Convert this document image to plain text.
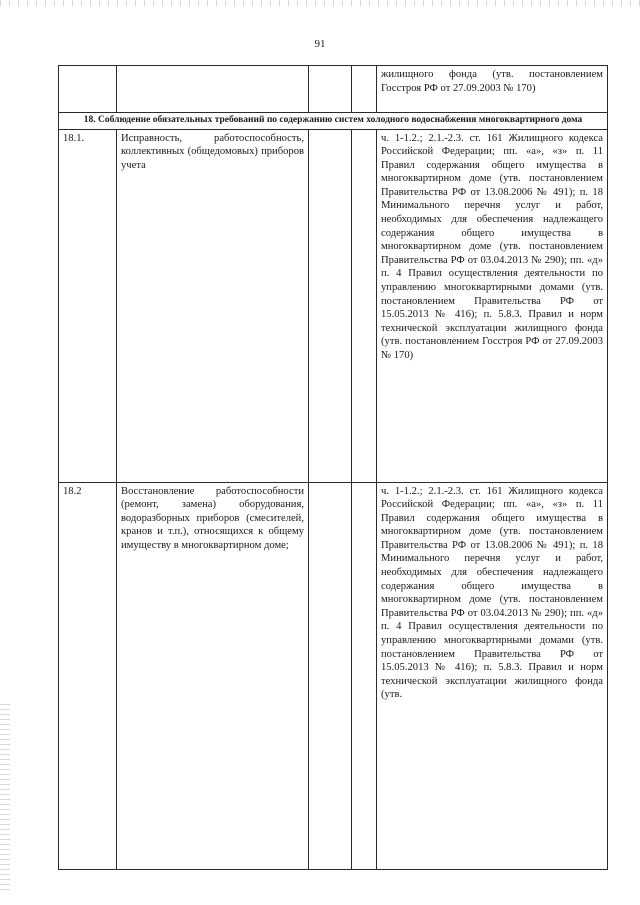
91
				жилищного фонда (утв. постановлением Госстроя РФ от 27.09.2003 № 170)
18. Соблюдение обязательных требований по содержанию систем холодного водоснабжения многоквартирного дома				
18.1.	Исправность, работоспособность, коллективных (общедомовых) приборов учета			ч. 1-1.2.; 2.1.-2.3. ст. 161 Жилищного кодекса Российской Федерации; пп. «а», «з» п. 11 Правил содержания общего имущества в многоквартирном доме (утв. постановлением Правительства РФ от 13.08.2006 № 491); п. 18 Минимального перечня услуг и работ, необходимых для обеспечения надлежащего содержания общего имущества в многоквартирном доме (утв. постановлением Правительства РФ от 03.04.2013 № 290); пп. «д» п. 4 Правил осуществления деятельности по управлению многоквартирными домами (утв. постановлением Правительства РФ от 15.05.2013 № 416); п. 5.8.3. Правил и норм технической эксплуатации жилищного фонда (утв. постановлением Госстроя РФ от 27.09.2003 № 170)
18.2	Восстановление работоспособности (ремонт, замена) оборудования, водоразборных приборов (смесителей, кранов и т.п.), относящихся к общему имуществу в многоквартирном доме;			ч. 1-1.2.; 2.1.-2.3. ст. 161 Жилищного кодекса Российской Федерации; пп. «а», «з» п. 11 Правил содержания общего имущества в многоквартирном доме (утв. постановлением Правительства РФ от 13.08.2006 № 491); п. 18 Минимального перечня услуг и работ, необходимых для обеспечения надлежащего содержания общего имущества в многоквартирном доме (утв. постановлением Правительства РФ от 03.04.2013 № 290); пп. «д» п. 4 Правил осуществления деятельности по управлению многоквартирными домами (утв. постановлением Правительства РФ от 15.05.2013 № 416); п. 5.8.3. Правил и норм технической эксплуатации жилищного фонда (утв.
